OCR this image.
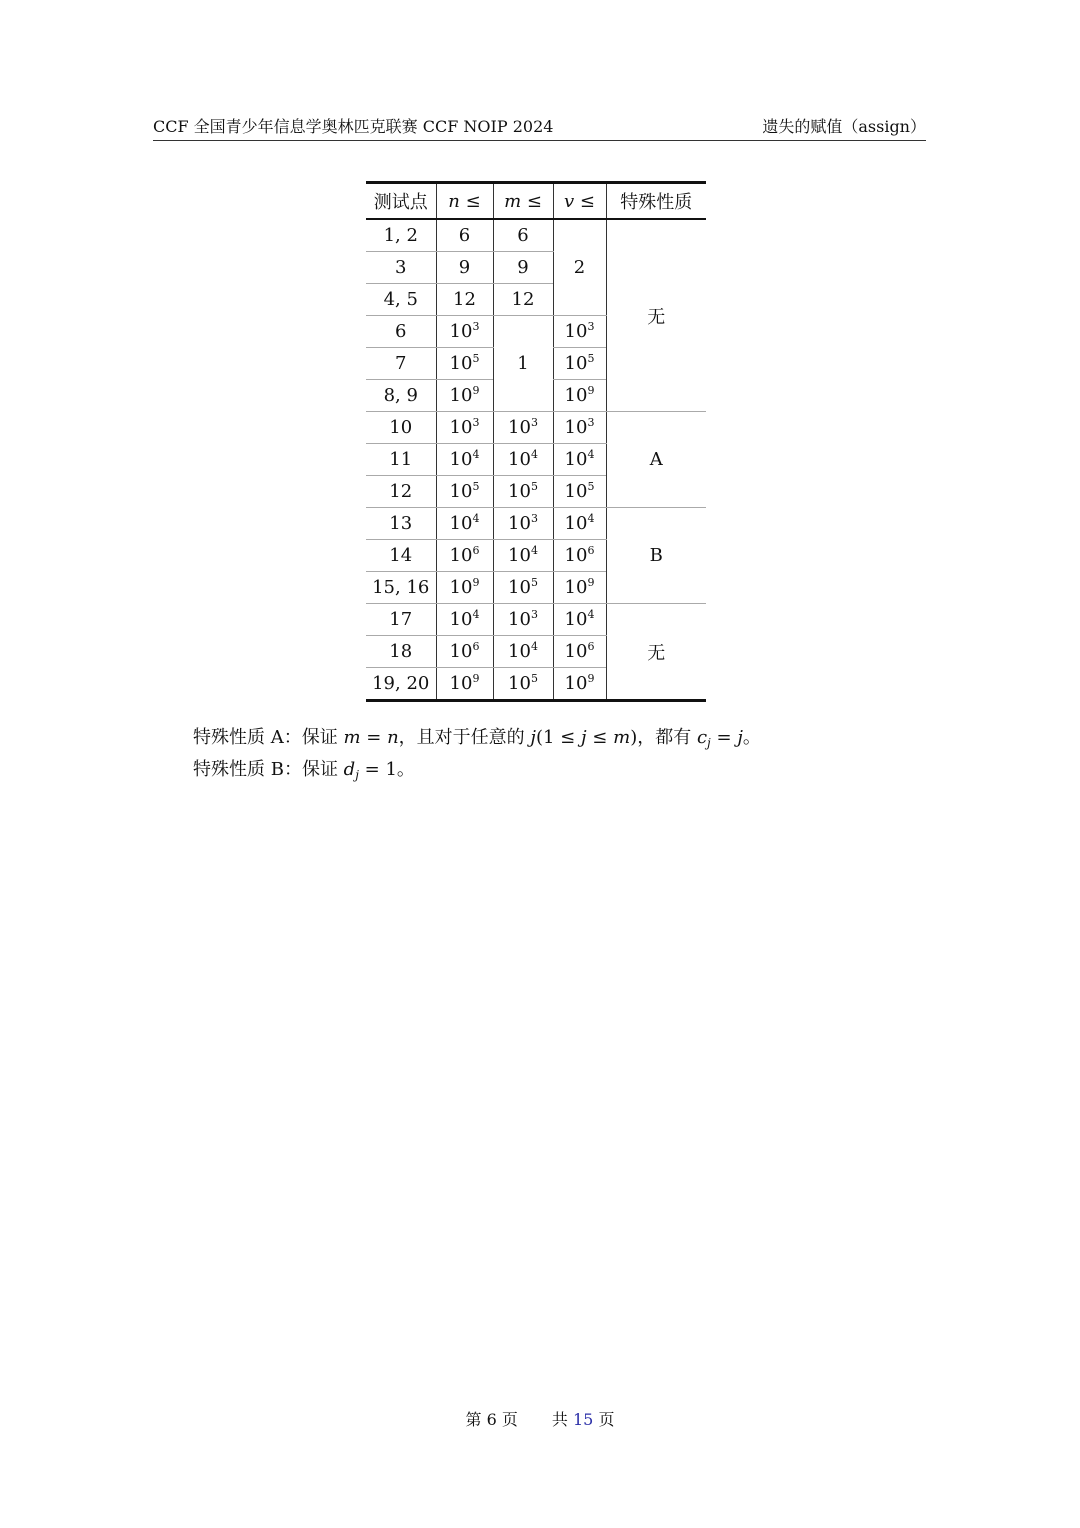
CCF 全国青少年信息学奥林匹克联赛 CCF NOIP 2024	遗失的赋值（assign）
测试点	n ≤	m ≤	v ≤	特殊性质
1, 2	6	6	2	无
3	9	9		
4, 5	12	12		
6	$10^3$	1	$10^3$
7	$10^5$		$10^5$
8, 9	$10^9$		$10^9$
10	$10^3$	$10^3$	$10^3$	A
11	$10^4$	$10^4$	$10^4$
12	$10^5$	$10^5$	$10^5$
13	$10^4$	$10^3$	$10^4$	B
14	$10^6$	$10^4$	$10^6$
15, 16	$10^9$	$10^5$	$10^9$
17	$10^4$	$10^3$	$10^4$	无
18	$10^6$	$10^4$	$10^6$
19, 20	$10^9$	$10^5$	$10^9$

特殊性质 A：保证 m = n，且对于任意的 j(1 ≤ j ≤ m)，都有 $c_j = j$。

特殊性质 B：保证 $d_j = 1$。

第 6 页 共 15 页
